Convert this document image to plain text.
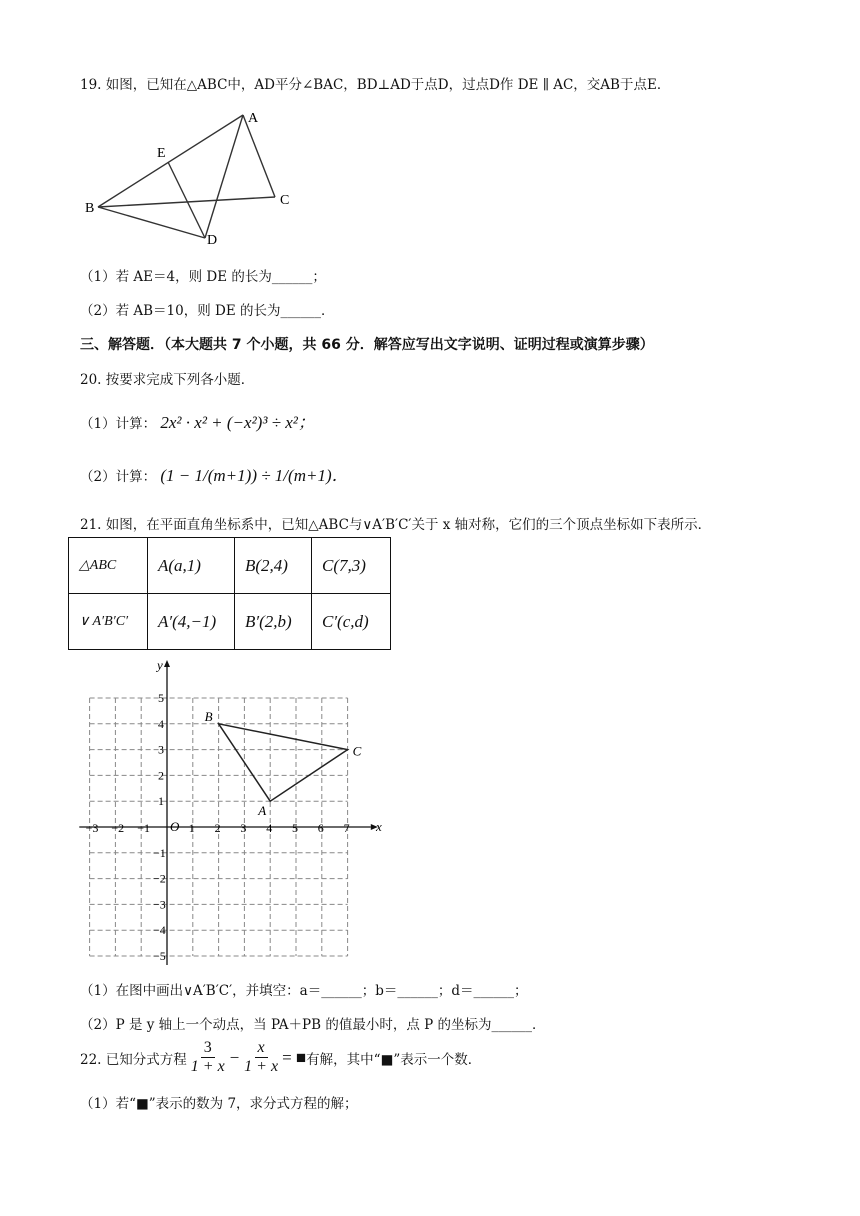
19. 如图，已知在△ABC中，AD平分∠BAC，BD⊥AD于点D，过点D作 DE ∥ AC，交AB于点E．
A
B
C
D
E
（1）若 AE＝4，则 DE 的长为______；
（2）若 AB＝10，则 DE 的长为______．
三、解答题．（本大题共 7 个小题，共 66 分．解答应写出文字说明、证明过程或演算步骤）
20. 按要求完成下列各小题．
（1）计算： 2x² · x² + (−x²)³ ÷ x²；
（2）计算： (1 − 1/(m+1)) ÷ 1/(m+1)．
21. 如图，在平面直角坐标系中，已知△ABC与∨A′B′C′关于 x 轴对称，它们的三个顶点坐标如下表所示．
△ABC	A(a,1)	B(2,4)	C(7,3)
∨ A′B′C′	A′(4,−1)	B′(2,b)	C′(c,d)
x
y
O
−3 −2 −1	1 2 3 4 5 6 7
5
4
3
2
1
−1
−2
−3
−4
−5
A
B
C
（1）在图中画出∨A′B′C′，并填空：a＝______；b＝______；d＝______；
（2）P 是 y 轴上一个动点，当 PA＋PB 的值最小时，点 P 的坐标为______．
22. 已知分式方程 $\frac{3}{1 + x} - \frac{x}{1 + x}$ = ■ 有解，其中“■”表示一个数．
（1）若“■”表示的数为 7，求分式方程的解；
